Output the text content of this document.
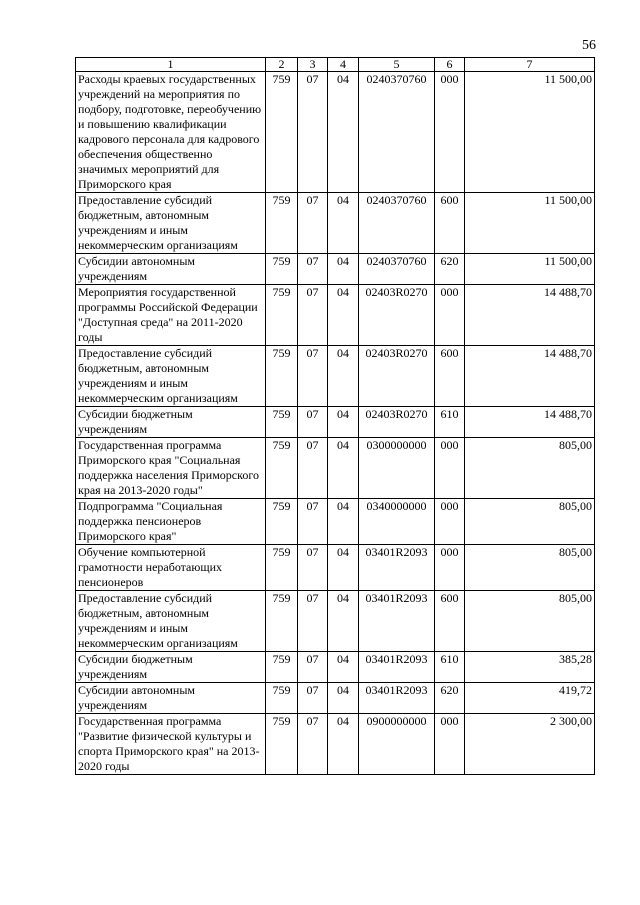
56
1	2	3	4	5	6	7
Расходы краевых государственных учреждений на мероприятия по подбору, подготовке, переобучению и повышению квалификации кадрового персонала для кадрового обеспечения общественно значимых мероприятий для Приморского края	759	07	04	0240370760	000	11 500,00
Предоставление субсидий бюджетным, автономным учреждениям и иным некоммерческим организациям	759	07	04	0240370760	600	11 500,00
Субсидии автономным учреждениям	759	07	04	0240370760	620	11 500,00
Мероприятия государственной программы Российской Федерации "Доступная среда" на 2011-2020 годы	759	07	04	02403R0270	000	14 488,70
Предоставление субсидий бюджетным, автономным учреждениям и иным некоммерческим организациям	759	07	04	02403R0270	600	14 488,70
Субсидии бюджетным учреждениям	759	07	04	02403R0270	610	14 488,70
Государственная программа Приморского края "Социальная поддержка населения Приморского края на 2013-2020 годы"	759	07	04	0300000000	000	805,00
Подпрограмма "Социальная поддержка пенсионеров Приморского края"	759	07	04	0340000000	000	805,00
Обучение компьютерной грамотности неработающих пенсионеров	759	07	04	03401R2093	000	805,00
Предоставление субсидий бюджетным, автономным учреждениям и иным некоммерческим организациям	759	07	04	03401R2093	600	805,00
Субсидии бюджетным учреждениям	759	07	04	03401R2093	610	385,28
Субсидии автономным учреждениям	759	07	04	03401R2093	620	419,72
Государственная программа "Развитие физической культуры и спорта Приморского края" на 2013-2020 годы	759	07	04	0900000000	000	2 300,00
